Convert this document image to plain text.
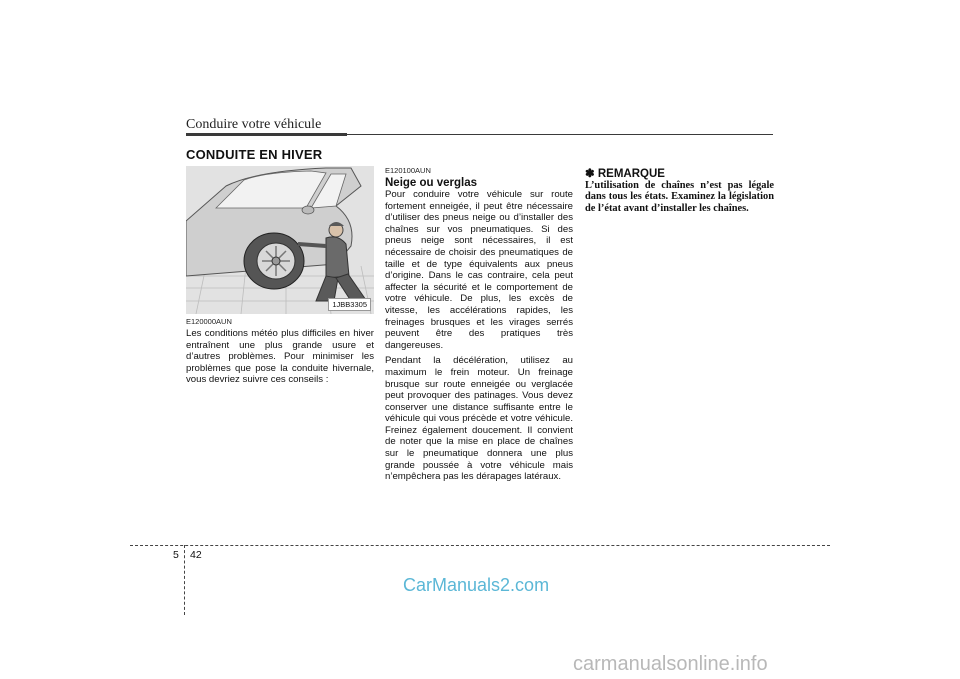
Conduire votre véhicule
CONDUITE EN HIVER
1JBB3305
E120000AUN

Les conditions météo plus difficiles en hiver entraînent une plus grande usure et d’autres problèmes. Pour minimiser les problèmes que pose la conduite hivernale, vous devriez suivre ces conseils :

E120100AUN
Neige ou verglas

Pour conduire votre véhicule sur route fortement enneigée, il peut être nécessaire d’utiliser des pneus neige ou d’installer des chaînes sur vos pneumatiques. Si des pneus neige sont nécessaires, il est nécessaire de choisir des pneumatiques de taille et de type équivalents aux pneus d’origine. Dans le cas contraire, cela peut affecter la sécurité et le comportement de votre véhicule. De plus, les excès de vitesse, les accélérations rapides, les freinages brusques et les virages serrés peuvent être des pratiques très dangereuses.

Pendant la décélération, utilisez au maximum le frein moteur. Un freinage brusque sur route enneigée ou verglacée peut provoquer des patinages. Vous devez conserver une distance suffisante entre le véhicule qui vous précède et votre véhicule. Freinez également doucement. Il convient de noter que la mise en place de chaînes sur le pneumatique donnera une plus grande poussée à votre véhicule mais n’empêchera pas les dérapages latéraux.

✽ REMARQUE

L’utilisation de chaînes n’est pas légale dans tous les états. Examinez la législation de l’état avant d’installer les chaînes.

5 42
CarManuals2.com
carmanualsonline.info
